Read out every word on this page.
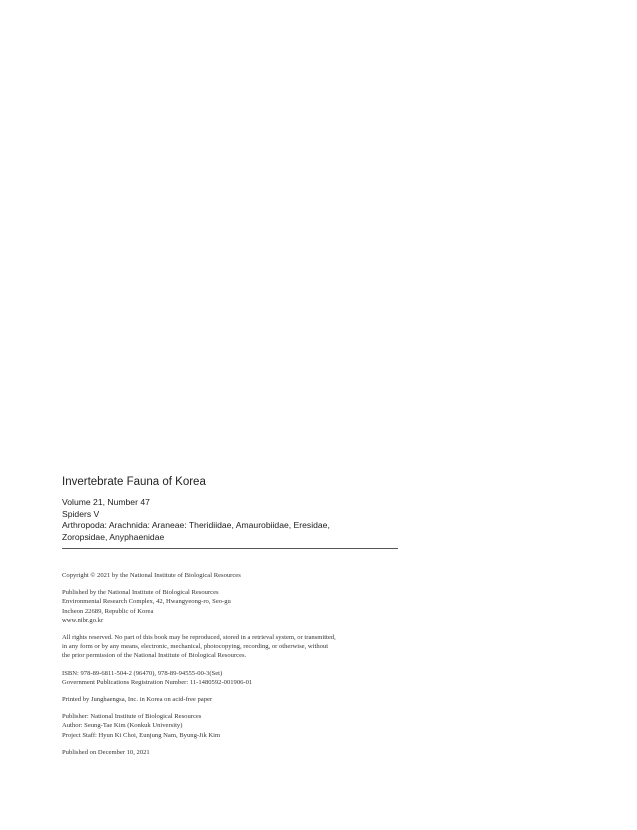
Invertebrate Fauna of Korea
Volume 21, Number 47
Spiders V
Arthropoda: Arachnida: Araneae: Theridiidae, Amaurobiidae, Eresidae,
Zoropsidae, Anyphaenidae
Copyright © 2021 by the National Institute of Biological Resources
Published by the National Institute of Biological Resources
Environmental Research Complex, 42, Hwangyeong-ro, Seo-gu
Incheon 22689, Republic of Korea
www.nibr.go.kr
All rights reserved. No part of this book may be reproduced, stored in a retrieval system, or transmitted,
in any form or by any means, electronic, mechanical, photocopying, recording, or otherwise, without
the prior permission of the National Institute of Biological Resources.
ISBN: 978-89-6811-504-2 (96470), 978-89-94555-00-3(Set)
Government Publications Registration Number: 11-1480592-001906-01
Printed by Junghaengsa, Inc. in Korea on acid-free paper
Publisher: National Institute of Biological Resources
Author: Seung-Tae Kim (Konkuk University)
Project Staff: Hyun Ki Choi, Eunjung Nam, Byung-Jik Kim
Published on December 10, 2021
